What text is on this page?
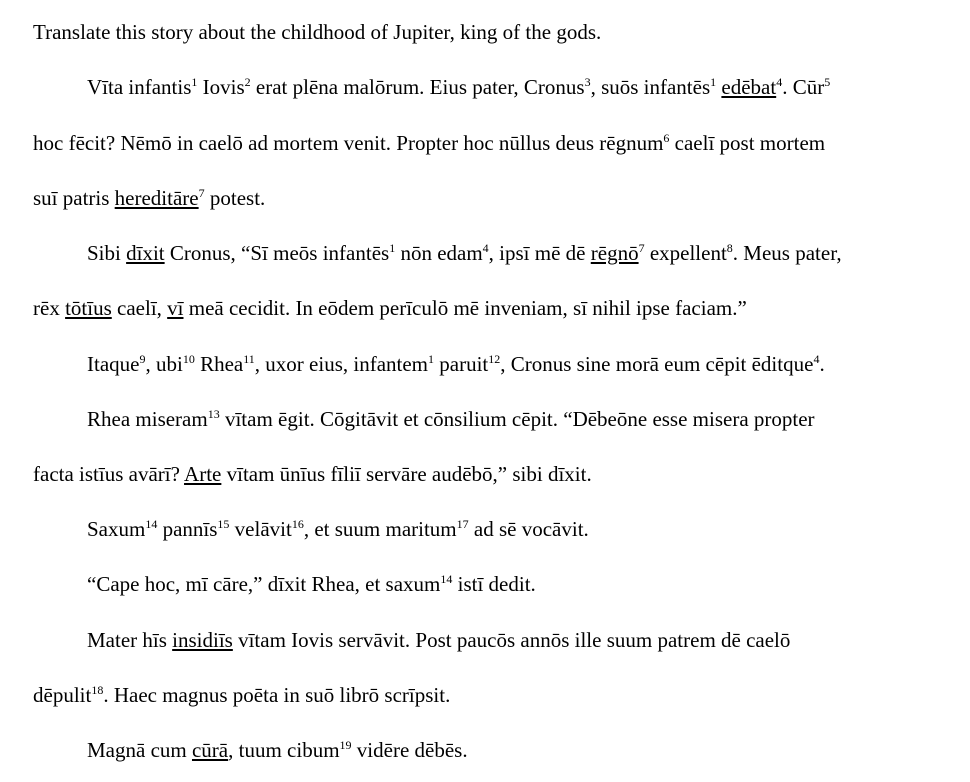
Translate this story about the childhood of Jupiter, king of the gods.
Vīta infantis$^1$ Iovis$^2$ erat plēna malōrum. Eius pater, Cronus$^3$, suōs infantēs$^1$ edēbat$^4$. Cūr$^5$
hoc fēcit? Nēmō in caelō ad mortem venit. Propter hoc nūllus deus rēgnum$^6$ caelī post mortem
suī patris hereditāre$^7$ potest.
Sibi dīxit Cronus, “Sī meōs infantēs$^1$ nōn edam$^4$, ipsī mē dē rēgnō$^7$ expellent$^8$. Meus pater,
rēx tōtīus caelī, vī meā cecidit. In eōdem perīculō mē inveniam, sī nihil ipse faciam.”
Itaque$^9$, ubi$^{10}$ Rhea$^{11}$, uxor eius, infantem$^1$ paruit$^{12}$, Cronus sine morā eum cēpit ēditque$^4$.
Rhea miseram$^{13}$ vītam ēgit. Cōgitāvit et cōnsilium cēpit. “Dēbeōne esse misera propter
facta istīus avārī? Arte vītam ūnīus fīliī servāre audēbō,” sibi dīxit.
Saxum$^{14}$ pannīs$^{15}$ velāvit$^{16}$, et suum maritum$^{17}$ ad sē vocāvit.
“Cape hoc, mī cāre,” dīxit Rhea, et saxum$^{14}$ istī dedit.
Mater hīs insidiīs vītam Iovis servāvit. Post paucōs annōs ille suum patrem dē caelō
dēpulit$^{18}$. Haec magnus poēta in suō librō scrīpsit.
Magnā cum cūrā, tuum cibum$^{19}$ vidēre dēbēs.
